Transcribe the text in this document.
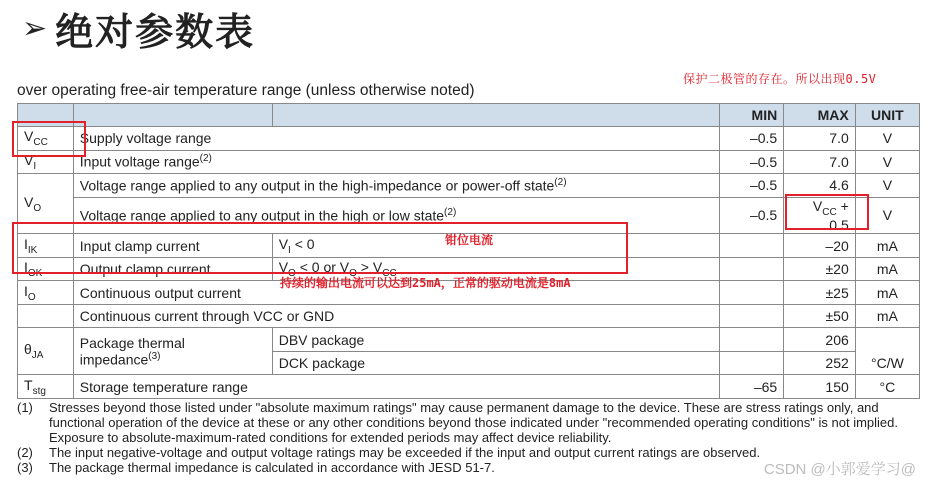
➢ 绝对参数表
over operating free-air temperature range (unless otherwise noted)
保护二极管的存在。所以出现0.5V
			MIN	MAX	UNIT
$V_{CC}$	Supply voltage range		–0.5	7.0	V
$V_I$	Input voltage range$^{(2)}$		–0.5	7.0	V
$V_O$	Voltage range applied to any output in the high-impedance or power-off state$^{(2)}$		–0.5	4.6	V
	Voltage range applied to any output in the high or low state$^{(2)}$		–0.5	$V_{CC} + 0.5$	V
$I_{IK}$	Input clamp current	$V_I < 0$		–20	mA
$I_{OK}$	Output clamp current	$V_O < 0$ or $V_O > V_{CC}$		±20	mA
$I_O$	Continuous output current			±25	mA
	Continuous current through VCC or GND			±50	mA
$\theta_{JA}$	Package thermal impedance$^{(3)}$	DBV package		206	°C/W
		DCK package		252	
$T_{stg}$	Storage temperature range		–65	150	°C
钳位电流
持续的输出电流可以达到25mA，正常的驱动电流是8mA
(1)	Stresses beyond those listed under "absolute maximum ratings" may cause permanent damage to the device. These are stress ratings only, and functional operation of the device at these or any other conditions beyond those indicated under "recommended operating conditions" is not implied. Exposure to absolute-maximum-rated conditions for extended periods may affect device reliability.
(2)	The input negative-voltage and output voltage ratings may be exceeded if the input and output current ratings are observed.
(3)	The package thermal impedance is calculated in accordance with JESD 51-7.	CSDN @小郭爱学习@
